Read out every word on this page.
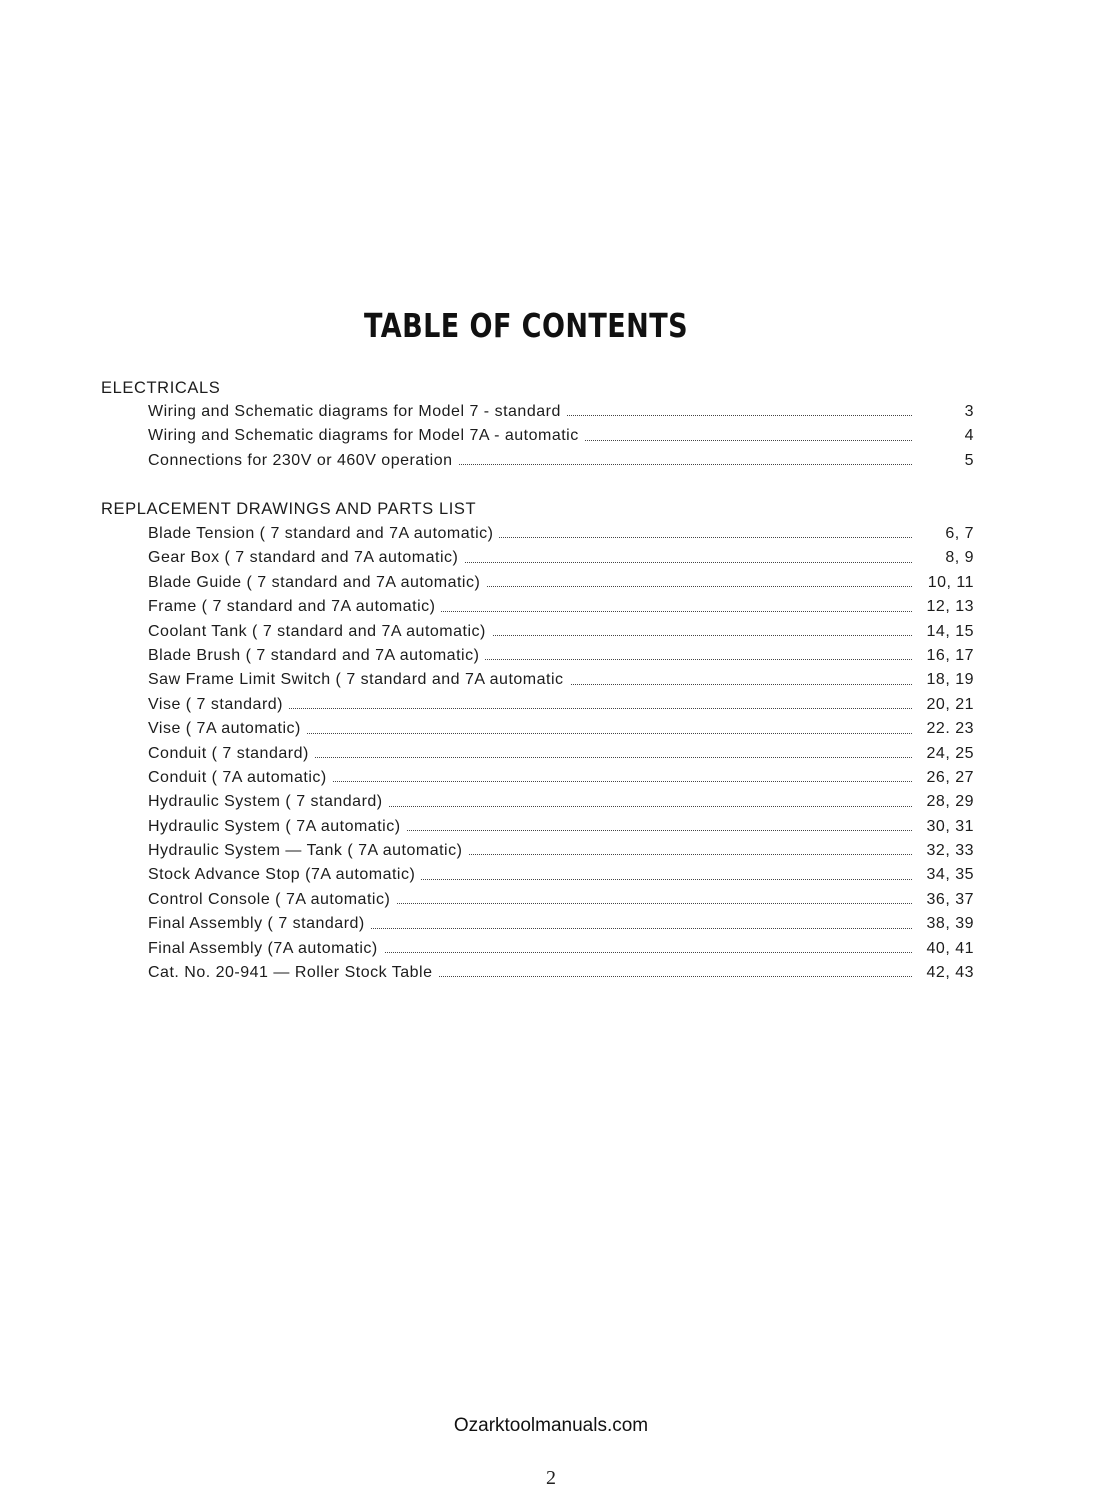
TABLE OF CONTENTS
ELECTRICALS
Wiring and Schematic diagrams for Model 7 - standard	3
Wiring and Schematic diagrams for Model 7A - automatic	4
Connections for 230V or 460V operation	5
REPLACEMENT DRAWINGS AND PARTS LIST
Blade Tension ( 7 standard and 7A automatic)	6, 7
Gear Box ( 7 standard and 7A automatic)	8, 9
Blade Guide ( 7 standard and 7A automatic)	10, 11
Frame ( 7 standard and 7A automatic)	12, 13
Coolant Tank ( 7 standard and 7A automatic)	14, 15
Blade Brush ( 7 standard and 7A automatic)	16, 17
Saw Frame Limit Switch ( 7 standard and 7A automatic	18, 19
Vise ( 7 standard)	20, 21
Vise ( 7A automatic)	22. 23
Conduit ( 7 standard)	24, 25
Conduit ( 7A automatic)	26, 27
Hydraulic System ( 7 standard)	28, 29
Hydraulic System ( 7A automatic)	30, 31
Hydraulic System — Tank ( 7A automatic)	32, 33
Stock Advance Stop (7A automatic)	34, 35
Control Console ( 7A automatic)	36, 37
Final Assembly ( 7 standard)	38, 39
Final Assembly (7A automatic)	40, 41
Cat. No. 20-941 — Roller Stock Table	42, 43
Ozarktoolmanuals.com
2
